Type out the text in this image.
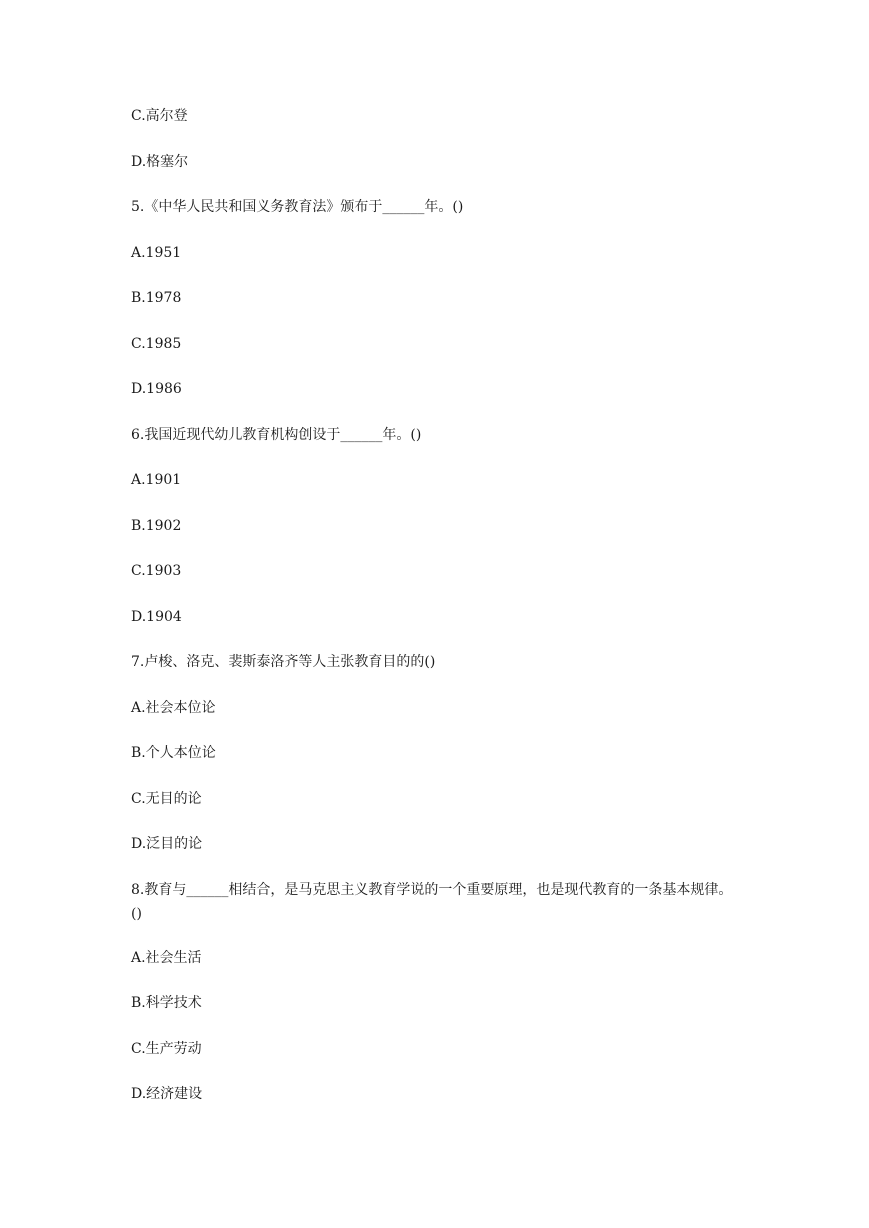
C.高尔登
D.格塞尔
5.《中华人民共和国义务教育法》颁布于______年。()
A.1951
B.1978
C.1985
D.1986
6.我国近现代幼儿教育机构创设于______年。()
A.1901
B.1902
C.1903
D.1904
7.卢梭、洛克、裴斯泰洛齐等人主张教育目的的()
A.社会本位论
B.个人本位论
C.无目的论
D.泛目的论
8.教育与______相结合，是马克思主义教育学说的一个重要原理，也是现代教育的一条基本规律。()
A.社会生活
B.科学技术
C.生产劳动
D.经济建设
